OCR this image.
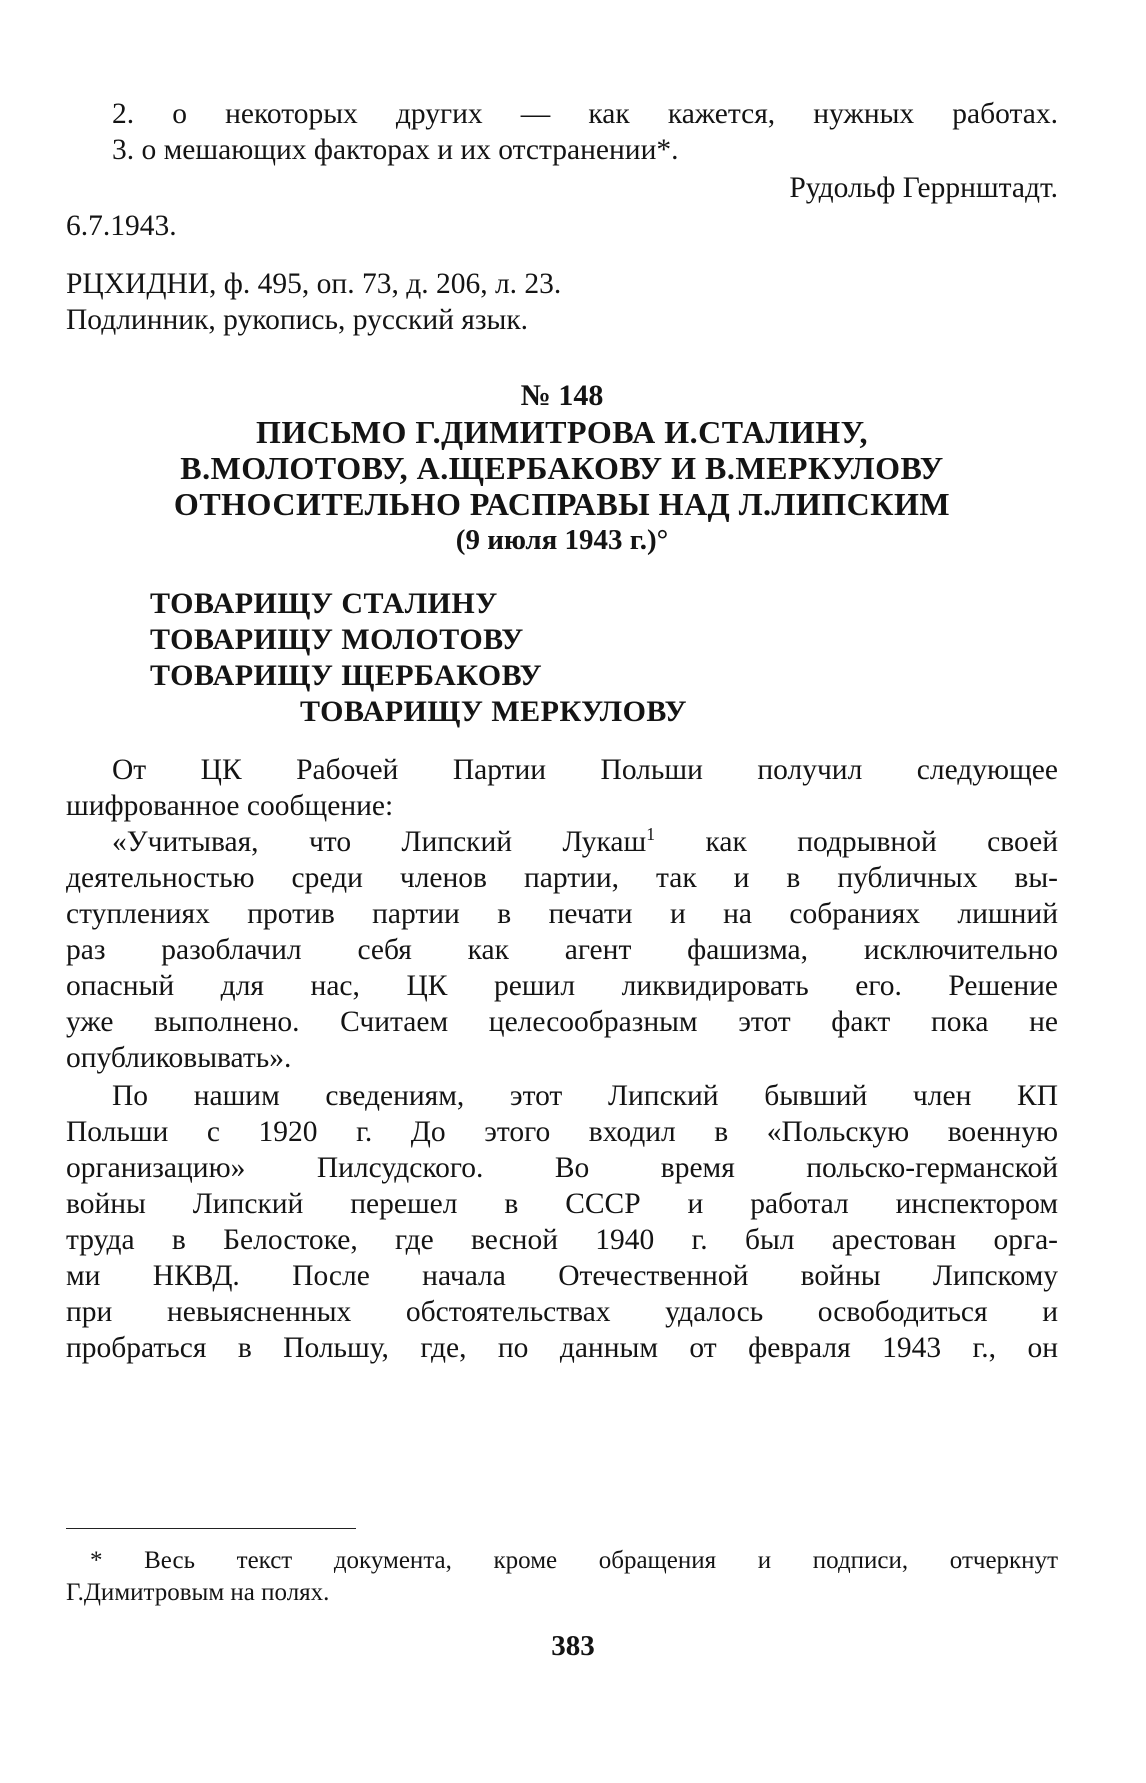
2. о некоторых других — как кажется, нужных работах.
3. о мешающих факторах и их отстранении*.
Рудольф Геррнштадт.
6.7.1943.
РЦХИДНИ, ф. 495, оп. 73, д. 206, л. 23.
Подлинник, рукопись, русский язык.
№ 148
ПИСЬМО Г.ДИМИТРОВА И.СТАЛИНУ,
В.МОЛОТОВУ, А.ЩЕРБАКОВУ И В.МЕРКУЛОВУ
ОТНОСИТЕЛЬНО РАСПРАВЫ НАД Л.ЛИПСКИМ
(9 июля 1943 г.)°
ТОВАРИЩУ СТАЛИНУ
ТОВАРИЩУ МОЛОТОВУ
ТОВАРИЩУ ЩЕРБАКОВУ
ТОВАРИЩУ МЕРКУЛОВУ
От ЦК Рабочей Партии Польши получил следующее
шифрованное сообщение:
«Учитывая, что Липский Лукаш$^1$ как подрывной своей
деятельностью среди членов партии, так и в публичных вы-
ступлениях против партии в печати и на собраниях лишний
раз разоблачил себя как агент фашизма, исключительно
опасный для нас, ЦК решил ликвидировать его. Решение
уже выполнено. Считаем целесообразным этот факт пока не
опубликовывать».
По нашим сведениям, этот Липский бывший член КП
Польши с 1920 г. До этого входил в «Польскую военную
организацию» Пилсудского. Во время польско-германской
войны Липский перешел в СССР и работал инспектором
труда в Белостоке, где весной 1940 г. был арестован орга-
ми НКВД. После начала Отечественной войны Липскому
при невыясненных обстоятельствах удалось освободиться и
пробраться в Польшу, где, по данным от февраля 1943 г., он
* Весь текст документа, кроме обращения и подписи, отчеркнут
Г.Димитровым на полях.
383
